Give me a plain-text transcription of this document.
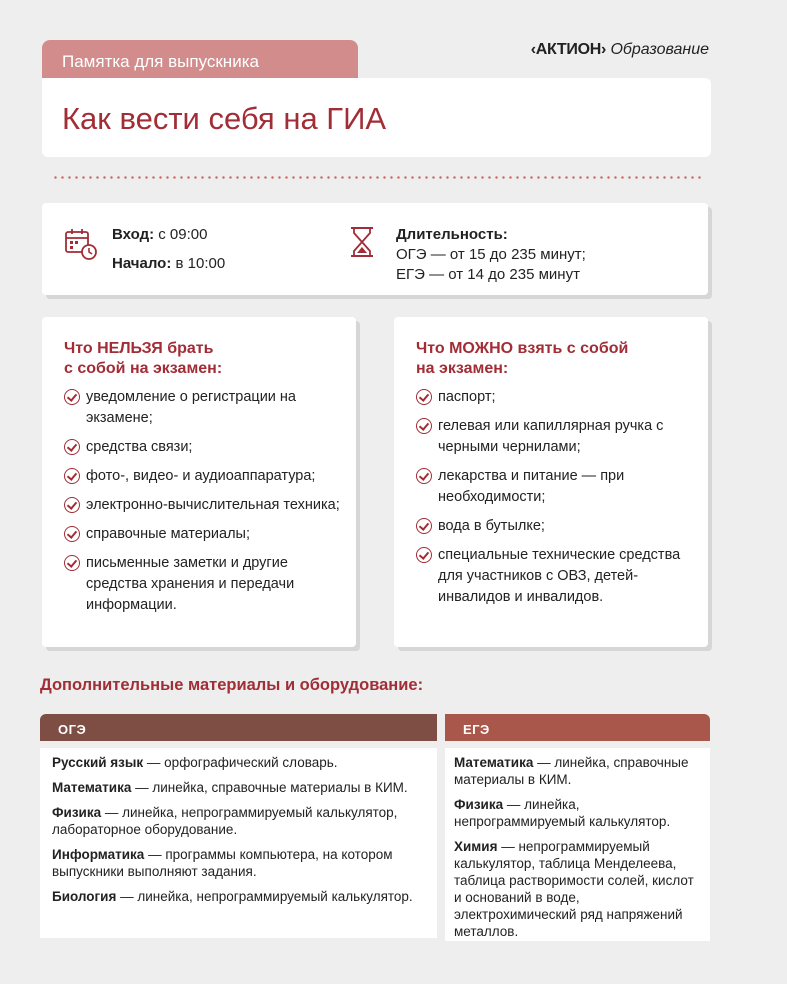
Памятка для выпускника
‹АКТИОН› Образование
Как вести себя на ГИА
Вход: с 09:00
Начало: в 10:00
Длительность:
ОГЭ — от 15 до 235 минут;
ЕГЭ — от 14 до 235 минут
Что НЕЛЬЗЯ брать
с собой на экзамен:
уведомление о регистрации на экзамене;
средства связи;
фото-, видео- и аудиоаппаратура;
электронно-вычислительная техника;
справочные материалы;
письменные заметки и другие средства хранения и передачи информации.
Что МОЖНО взять с собой
на экзамен:
паспорт;
гелевая или капиллярная ручка с черными чернилами;
лекарства и питание — при необходимости;
вода в бутылке;
специальные технические средства для участников с ОВЗ, детей-инвалидов и инвалидов.
Дополнительные материалы и оборудование:
ОГЭ	ЕГЭ

Русский язык — орфографический словарь.

Математика — линейка, справочные материалы в КИМ.

Физика — линейка, непрограммируемый калькулятор, лабораторное оборудование.

Информатика — программы компьютера, на котором выпускники выполняют задания.

Биология — линейка, непрограммируемый калькулятор.

Математика — линейка, справочные материалы в КИМ.

Физика — линейка, непрограммируемый калькулятор.

Химия — непрограммируемый калькулятор, таблица Менделеева, таблица растворимости солей, кислот и оснований в воде, электрохимический ряд напряжений металлов.
